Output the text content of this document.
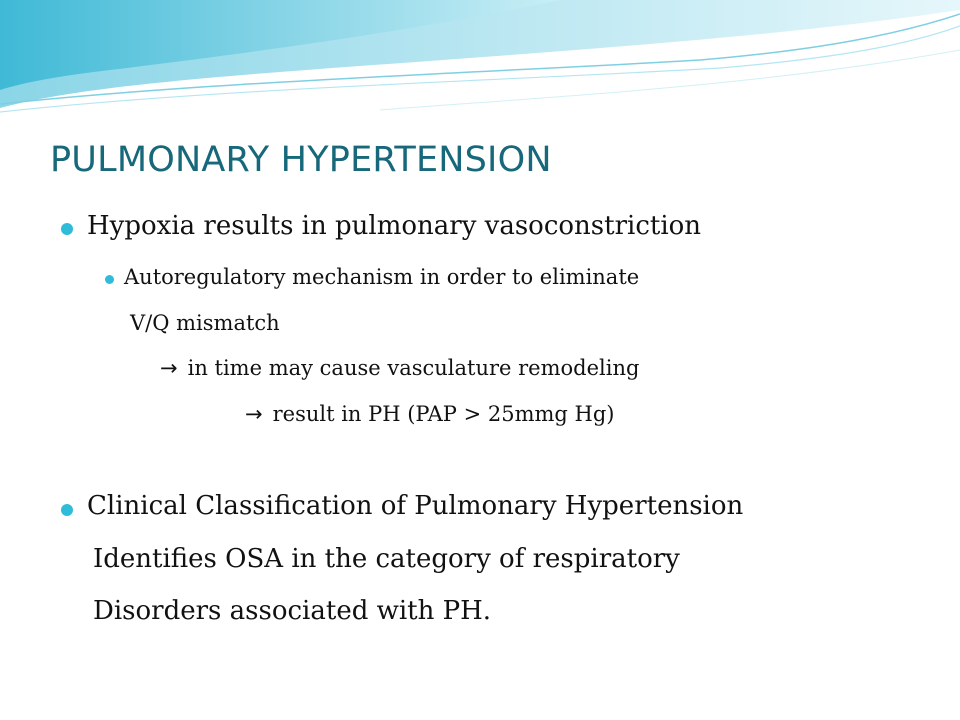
PULMONARY HYPERTENSION
Hypoxia results in pulmonary vasoconstriction
Autoregulatory mechanism in order to eliminate
V/Q mismatch
→ in time may cause vasculature remodeling
→ result in PH (PAP > 25mmg Hg)
Clinical Classification of Pulmonary Hypertension
Identifies OSA in the category of respiratory
Disorders associated with PH.
